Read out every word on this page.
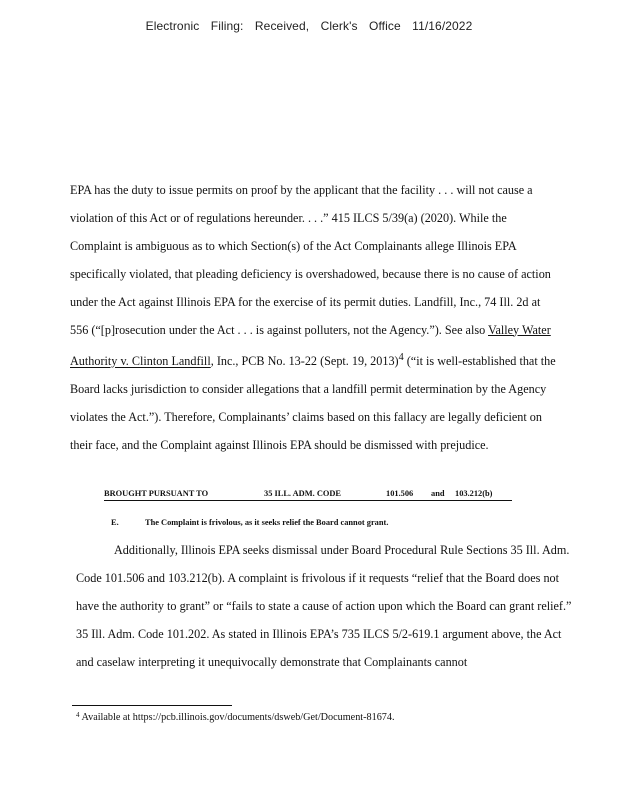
Electronic Filing: Received, Clerk's Office 11/16/2022
EPA has the duty to issue permits on proof by the applicant that the facility . . . will not cause a violation of this Act or of regulations hereunder. . . .” 415 ILCS 5/39(a) (2020). While the Complaint is ambiguous as to which Section(s) of the Act Complainants allege Illinois EPA specifically violated, that pleading deficiency is overshadowed, because there is no cause of action under the Act against Illinois EPA for the exercise of its permit duties. Landfill, Inc., 74 Ill. 2d at 556 (“[p]rosecution under the Act . . . is against polluters, not the Agency.”). See also Valley Water Authority v. Clinton Landfill, Inc., PCB No. 13-22 (Sept. 19, 2013)$^4$ (“it is well-established that the Board lacks jurisdiction to consider allegations that a landfill permit determination by the Agency violates the Act.”). Therefore, Complainants’ claims based on this fallacy are legally deficient on their face, and the Complaint against Illinois EPA should be dismissed with prejudice.
BROUGHT PURSUANT TO	35 ILL. ADM. CODE	101.506 and 103.212(b)
E.	The Complaint is frivolous, as it seeks relief the Board cannot grant.
Additionally, Illinois EPA seeks dismissal under Board Procedural Rule Sections 35 Ill. Adm. Code 101.506 and 103.212(b). A complaint is frivolous if it requests “relief that the Board does not have the authority to grant” or “fails to state a cause of action upon which the Board can grant relief.” 35 Ill. Adm. Code 101.202. As stated in Illinois EPA’s 735 ILCS 5/2-619.1 argument above, the Act and caselaw interpreting it unequivocally demonstrate that Complainants cannot
$^4$ Available at https://pcb.illinois.gov/documents/dsweb/Get/Document-81674.
